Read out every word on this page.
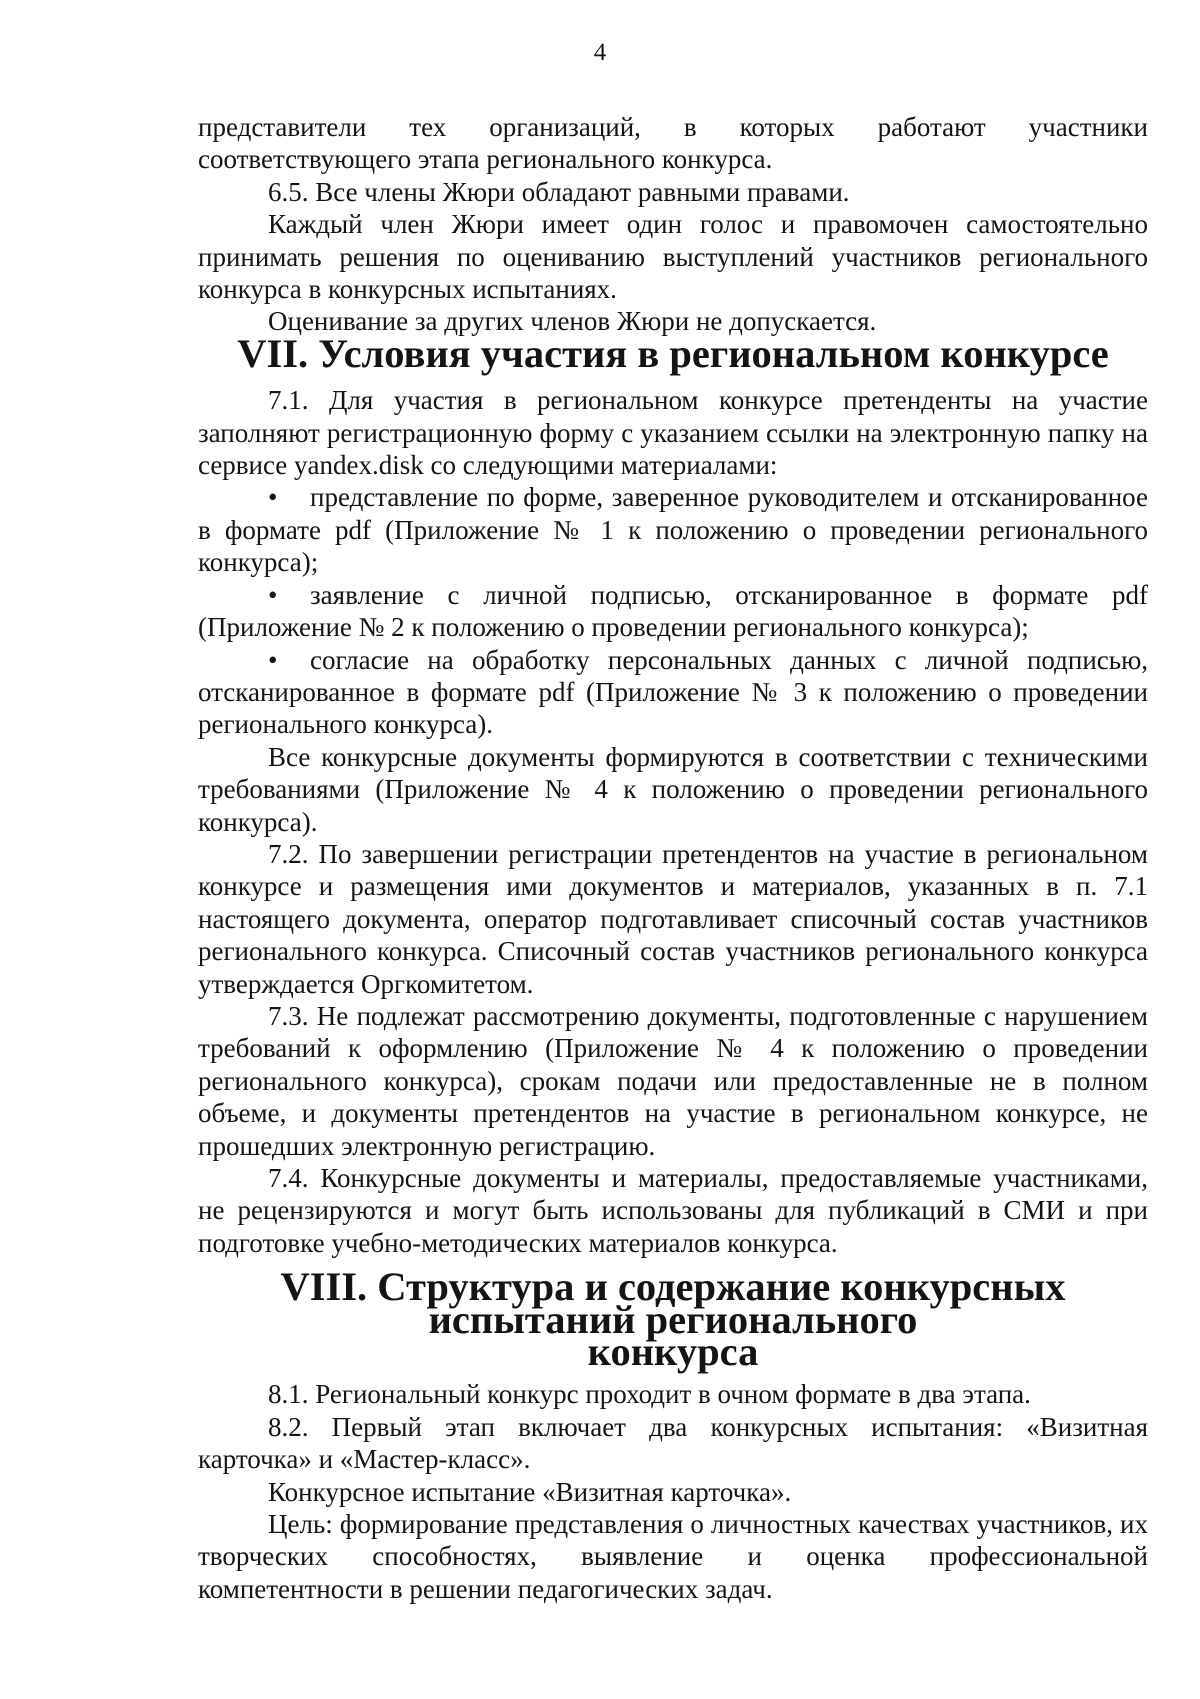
4

представители тех организаций, в которых работают участники соответствующего этапа регионального конкурса.

6.5. Все члены Жюри обладают равными правами.

Каждый член Жюри имеет один голос и правомочен самостоятельно принимать решения по оцениванию выступлений участников регионального конкурса в конкурсных испытаниях.

Оценивание за других членов Жюри не допускается.

VII. Условия участия в региональном конкурсе

7.1. Для участия в региональном конкурсе претенденты на участие заполняют регистрационную форму с указанием ссылки на электронную папку на сервисе yandex.disk со следующими материалами:

• представление по форме, заверенное руководителем и отсканированное в формате pdf (Приложение № 1 к положению о проведении регионального конкурса);

• заявление с личной подписью, отсканированное в формате pdf (Приложение № 2 к положению о проведении регионального конкурса);

• согласие на обработку персональных данных с личной подписью, отсканированное в формате pdf (Приложение № 3 к положению о проведении регионального конкурса).

Все конкурсные документы формируются в соответствии с техническими требованиями (Приложение № 4 к положению о проведении регионального конкурса).

7.2. По завершении регистрации претендентов на участие в региональном конкурсе и размещения ими документов и материалов, указанных в п. 7.1 настоящего документа, оператор подготавливает списочный состав участников регионального конкурса. Списочный состав участников регионального конкурса утверждается Оргкомитетом.

7.3. Не подлежат рассмотрению документы, подготовленные с нарушением требований к оформлению (Приложение № 4 к положению о проведении регионального конкурса), срокам подачи или предоставленные не в полном объеме, и документы претендентов на участие в региональном конкурсе, не прошедших электронную регистрацию.

7.4. Конкурсные документы и материалы, предоставляемые участниками, не рецензируются и могут быть использованы для публикаций в СМИ и при подготовке учебно-методических материалов конкурса.

VIII. Структура и содержание конкурсных испытаний регионального
конкурса

8.1. Региональный конкурс проходит в очном формате в два этапа.

8.2. Первый этап включает два конкурсных испытания: «Визитная карточка» и «Мастер-класс».

Конкурсное испытание «Визитная карточка».

Цель: формирование представления о личностных качествах участников, их творческих способностях, выявление и оценка профессиональной компетентности в решении педагогических задач.
